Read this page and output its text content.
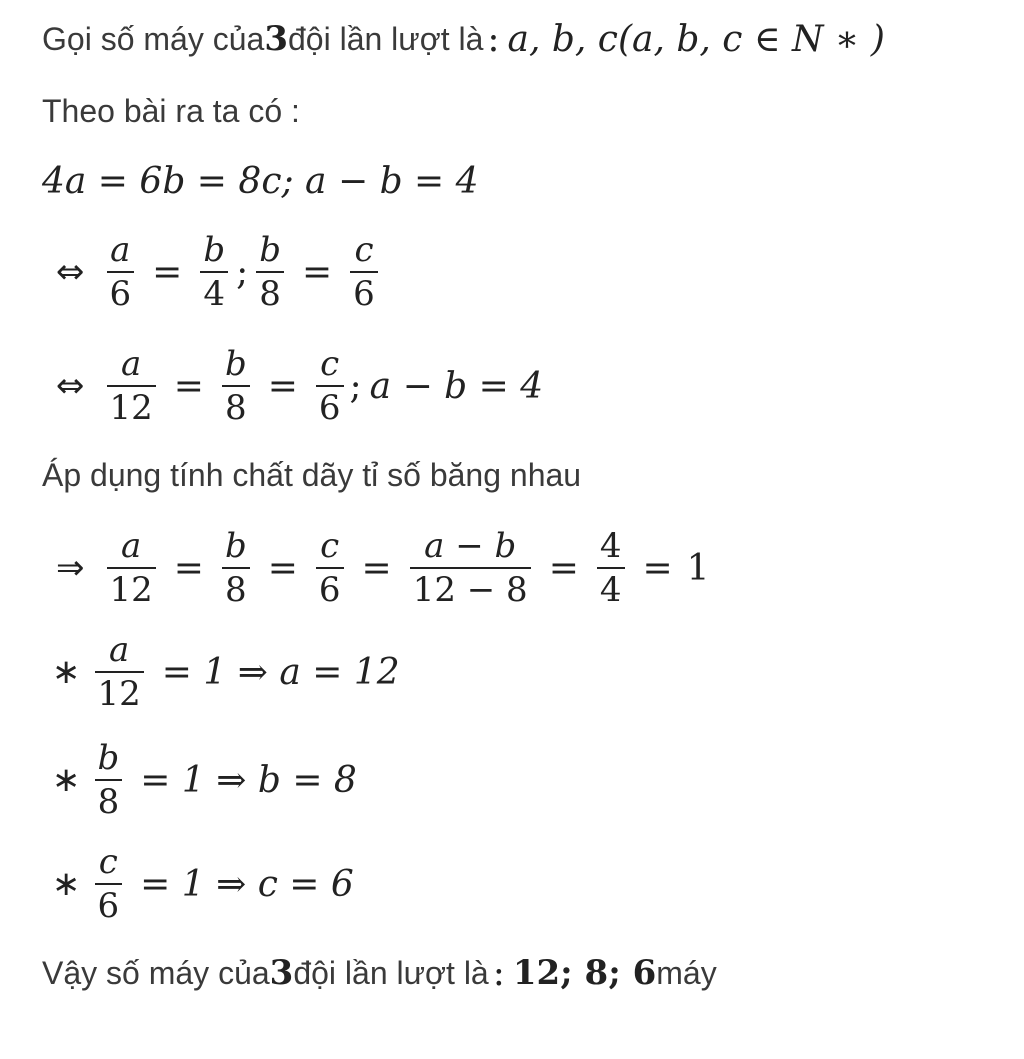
Gọi số máy của 3 đội lần lượt là : a, b, c(a, b, c ∈ N ∗ )
Theo bài ra ta có :
4a = 6b = 8c; a − b = 4
⇔ $\frac{a}{6} = \frac{b}{4}$ ; $\frac{b}{8} = \frac{c}{6}$
⇔ $\frac{a}{12} = \frac{b}{8} = \frac{c}{6}$ ; a − b = 4
Áp dụng tính chất dãy tỉ số băng nhau
⇒ $\frac{a}{12} = \frac{b}{8} = \frac{c}{6} = \frac{a - b}{12 - 8} = \frac{4}{4} = 1$
∗ $\frac{a}{12} = 1$ ⇒ a = 12
∗ $\frac{b}{8} = 1$ ⇒ b = 8
∗ $\frac{c}{6} = 1$ ⇒ c = 6
Vậy số máy của 3 đội lần lượt là : 12; 8; 6 máy
